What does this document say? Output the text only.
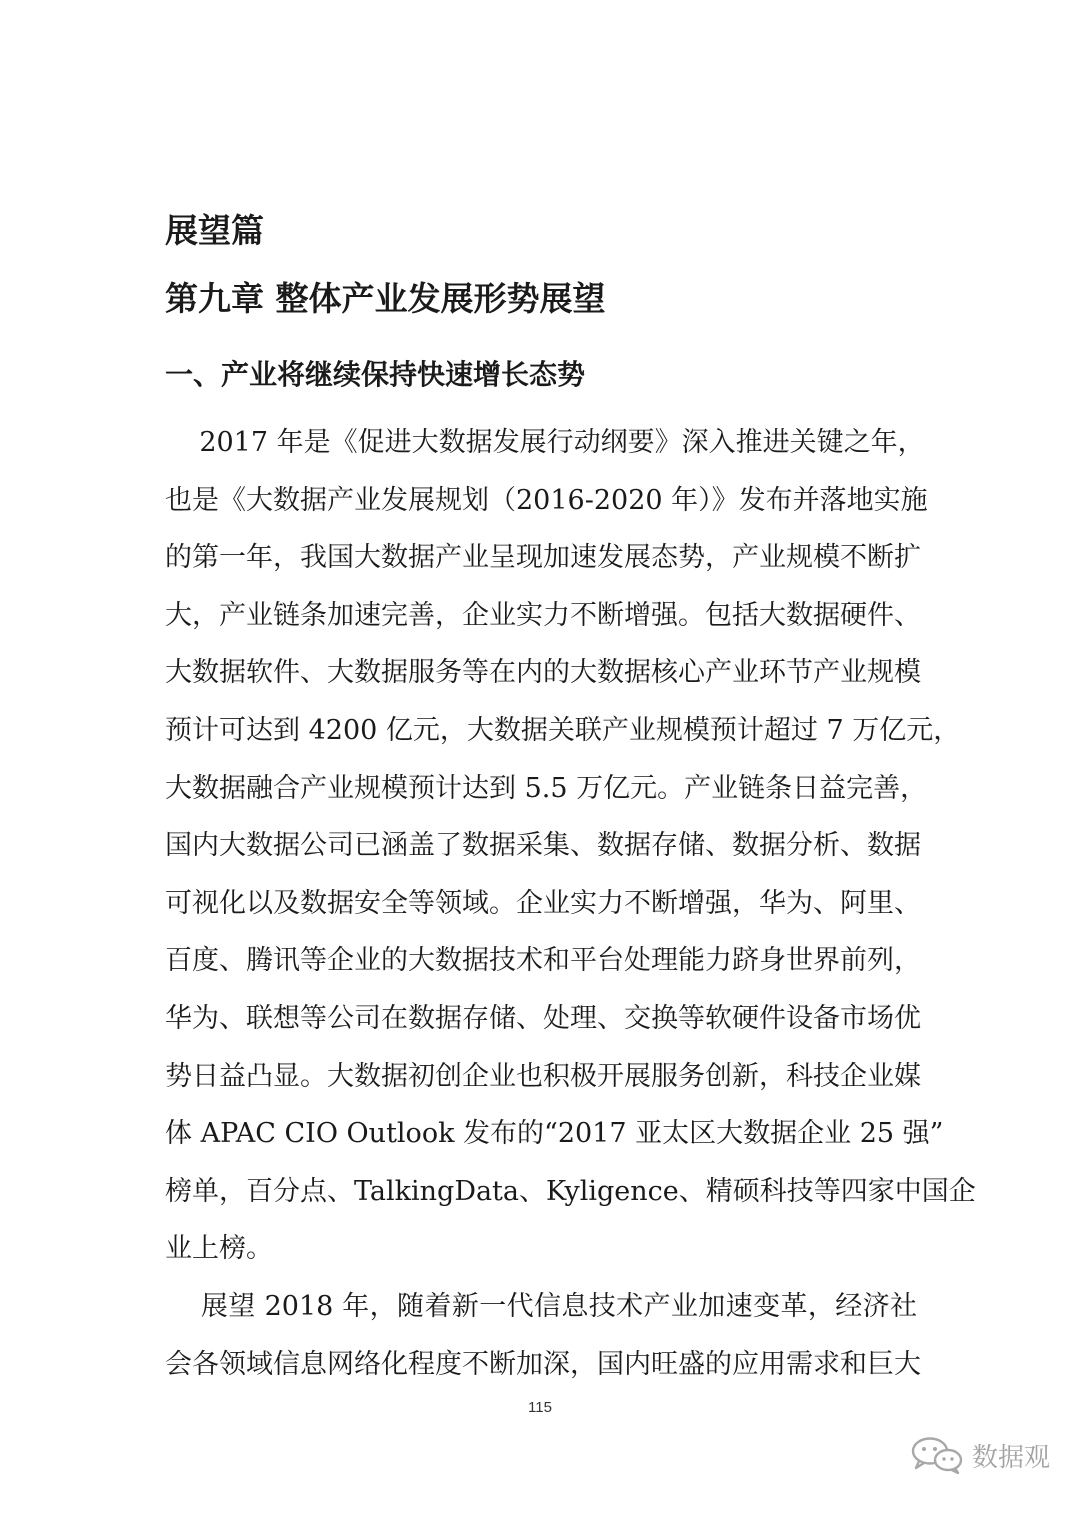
展望篇
第九章 整体产业发展形势展望
一、产业将继续保持快速增长态势
2017 年是《促进大数据发展行动纲要》深入推进关键之年，
也是《大数据产业发展规划（2016-2020 年）》发布并落地实施
的第一年，我国大数据产业呈现加速发展态势，产业规模不断扩
大，产业链条加速完善，企业实力不断增强。包括大数据硬件、
大数据软件、大数据服务等在内的大数据核心产业环节产业规模
预计可达到 4200 亿元，大数据关联产业规模预计超过 7 万亿元，
大数据融合产业规模预计达到 5.5 万亿元。产业链条日益完善，
国内大数据公司已涵盖了数据采集、数据存储、数据分析、数据
可视化以及数据安全等领域。企业实力不断增强，华为、阿里、
百度、腾讯等企业的大数据技术和平台处理能力跻身世界前列，
华为、联想等公司在数据存储、处理、交换等软硬件设备市场优
势日益凸显。大数据初创企业也积极开展服务创新，科技企业媒
体 APAC CIO Outlook 发布的“2017 亚太区大数据企业 25 强”
榜单，百分点、TalkingData、Kyligence、精硕科技等四家中国企
业上榜。
展望 2018 年，随着新一代信息技术产业加速变革，经济社
会各领域信息网络化程度不断加深，国内旺盛的应用需求和巨大
115
数据观
